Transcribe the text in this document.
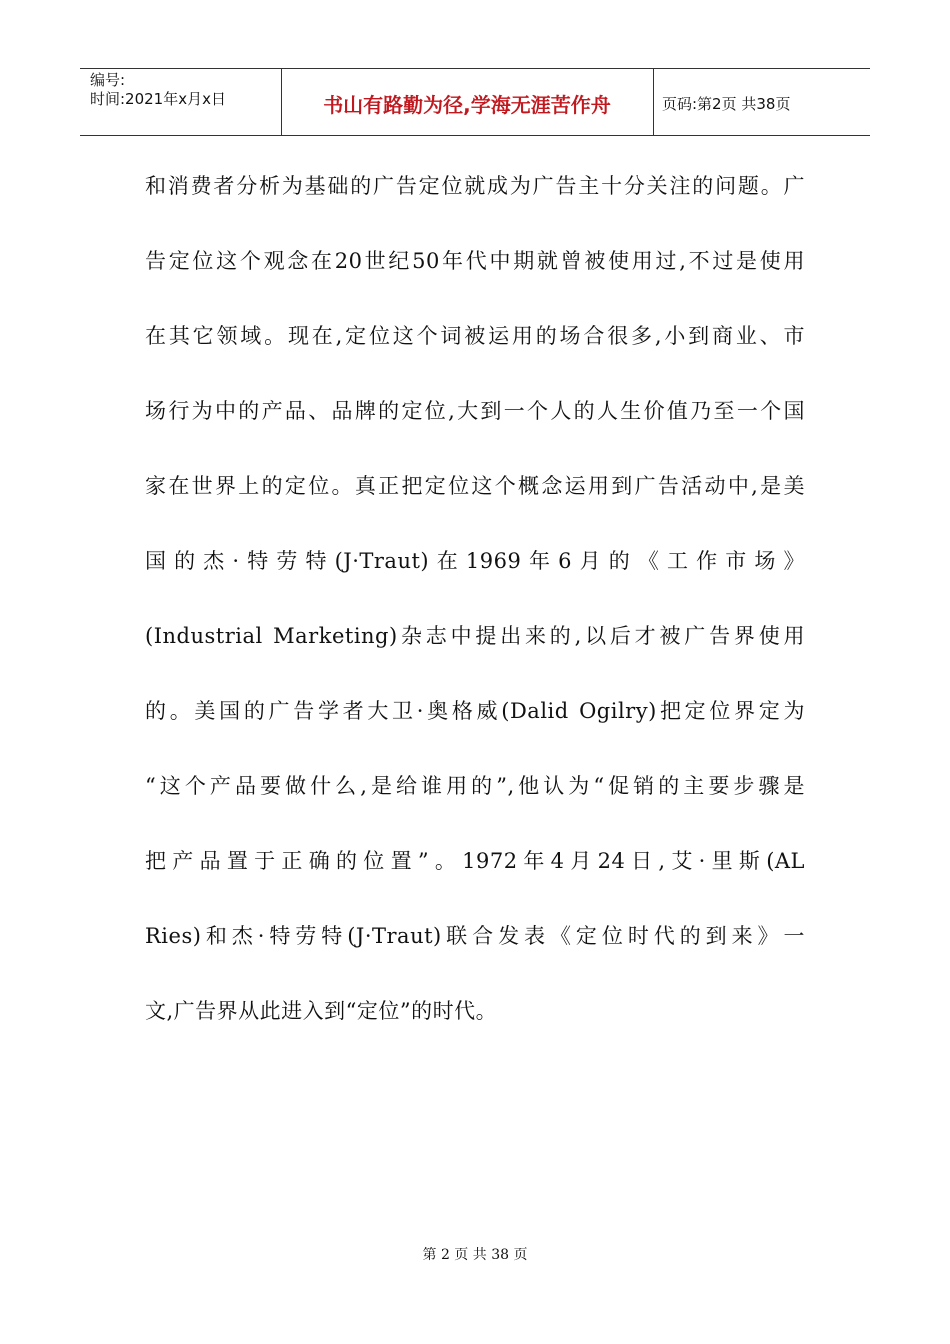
编号:
时间:2021年x月x日	书山有路勤为径,学海无涯苦作舟	页码:第2页 共38页
和消费者分析为基础的广告定位就成为广告主十分关注的问题。广
告定位这个观念在20世纪50年代中期就曾被使用过,不过是使用
在其它领域。现在,定位这个词被运用的场合很多,小到商业、市
场行为中的产品、品牌的定位,大到一个人的人生价值乃至一个国
家在世界上的定位。真正把定位这个概念运用到广告活动中,是美
国的杰·特劳特(J·Traut)在1969年6月的《工作市场》
(Industrial Marketing)杂志中提出来的,以后才被广告界使用
的。美国的广告学者大卫·奥格威(Dalid Ogilry)把定位界定为
“这个产品要做什么,是给谁用的”,他认为“促销的主要步骤是
把产品置于正确的位置”。1972年4月24日,艾·里斯(AL
Ries)和杰·特劳特(J·Traut)联合发表《定位时代的到来》一
文,广告界从此进入到“定位”的时代。
第 2 页 共 38 页
